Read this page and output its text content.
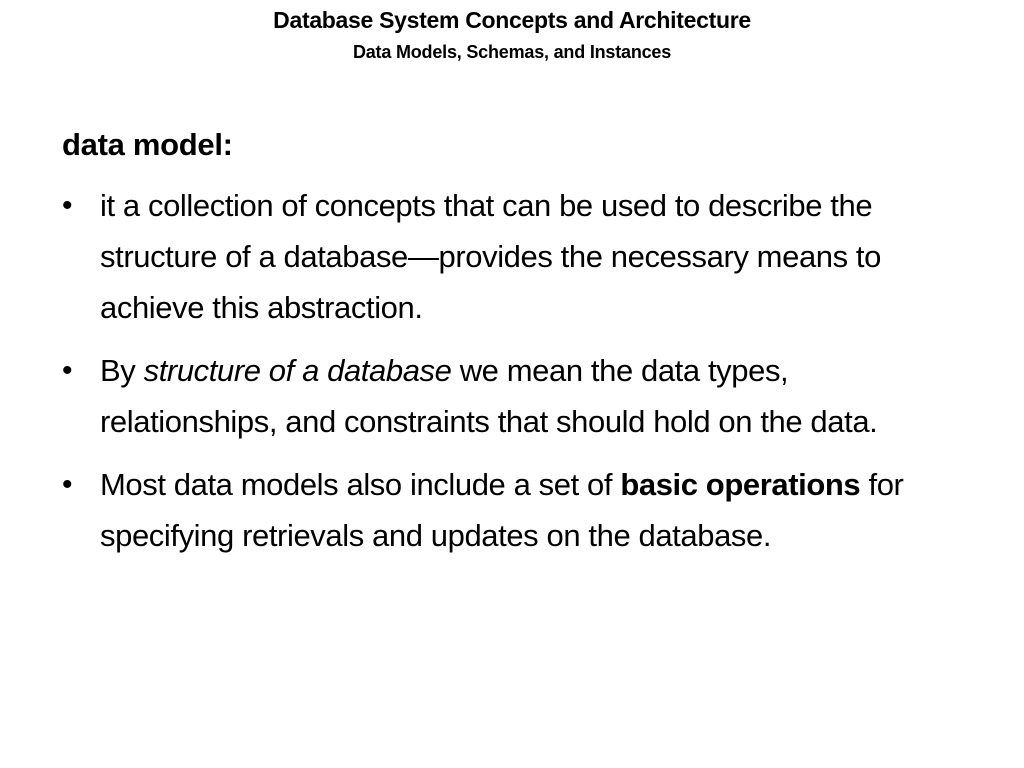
Database System Concepts and Architecture
Data Models, Schemas, and Instances
data model:
• it a collection of concepts that can be used to describe the structure of a database—provides the necessary means to achieve this abstraction.
• By structure of a database we mean the data types, relationships, and constraints that should hold on the data.
• Most data models also include a set of basic operations for specifying retrievals and updates on the database.
